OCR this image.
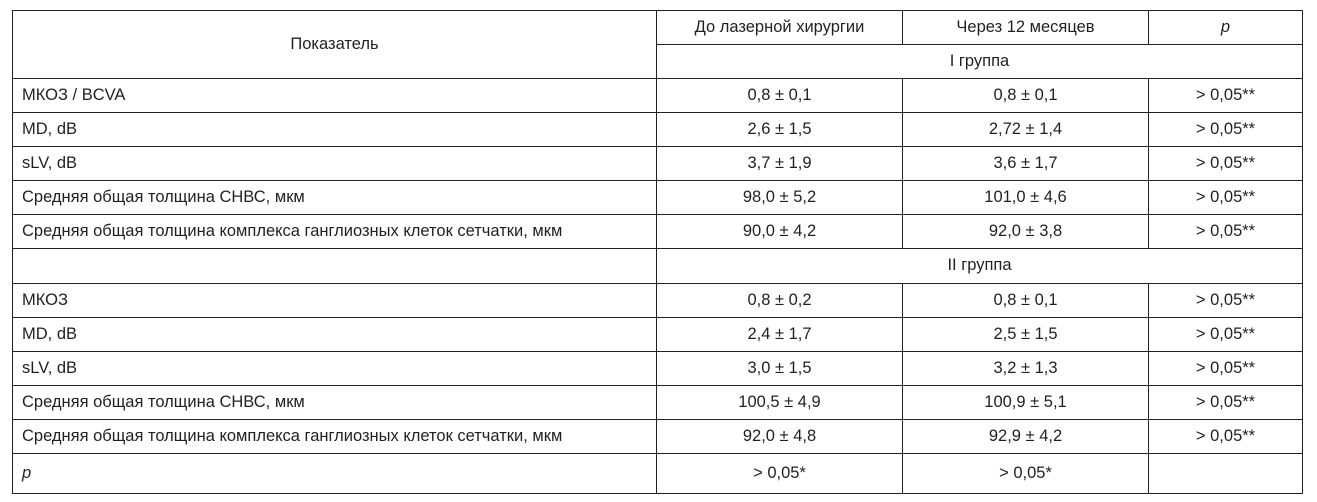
Показатель	До лазерной хирургии	Через 12 месяцев	p
	I группа		
МКОЗ / BCVA	0,8 ± 0,1	0,8 ± 0,1	> 0,05**
MD, dB	2,6 ± 1,5	2,72 ± 1,4	> 0,05**
sLV, dB	3,7 ± 1,9	3,6 ± 1,7	> 0,05**
Средняя общая толщина СНВС, мкм	98,0 ± 5,2	101,0 ± 4,6	> 0,05**
Средняя общая толщина комплекса ганглиозных клеток сетчатки, мкм	90,0 ± 4,2	92,0 ± 3,8	> 0,05**
	II группа		
МКОЗ	0,8 ± 0,2	0,8 ± 0,1	> 0,05**
MD, dB	2,4 ± 1,7	2,5 ± 1,5	> 0,05**
sLV, dB	3,0 ± 1,5	3,2 ± 1,3	> 0,05**
Средняя общая толщина СНВС, мкм	100,5 ± 4,9	100,9 ± 5,1	> 0,05**
Средняя общая толщина комплекса ганглиозных клеток сетчатки, мкм	92,0 ± 4,8	92,9 ± 4,2	> 0,05**
p	> 0,05*	> 0,05*	
